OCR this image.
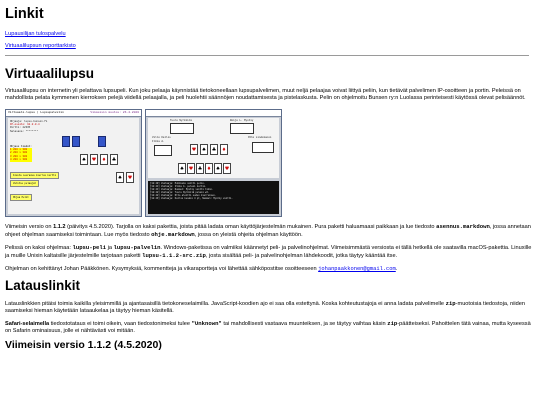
Linkit
Lupausilijan tulospalvelu
Virtuaalilupsun reporttarkisto
Virtuaalilupsu

Virtuaalilupsu on internetin yli pelattava lupsupeli. Kun joku pelaaja käynnistää tietokoneellaan lupsupalvelimen, muut neljä pelaajaa voivat liittyä peliin, kun tietävät palvelimen IP-osoitteen ja portin. Peleissä on mahdollista pelata kymmenen kierroksen pelejä viidellä pelaajalla, ja peli huolehtii säännöjen noudattamisesta ja pistelaskusta. Pelin on ohjelmoitu Bunsen ry:n Luolassa perinteisesti käytössä olevat pelisäännöt.

Virtuaali-lupsu | Lupsupalvelin	Viimeisin muutos: 26.4.2020
Ohjaaja: lupsu.bunsen.fi
IP-osoite: 10.0.0.4
Portti: 22335
Salasana: ********
Ohjaus tiedot:
1 200 x 300
2 200 x 300
3 200 x 300
4 200 x 300	♠	♥	♦	♣
♠	♥
Aloita seuraava kierros kortti
Valitse pelaajat
Ohjaa Pelit
Tuure Nyrkkilä	Reijo L. Mystiy
Ville Kallis
Ilkka A.
Otto Lindekanen
♥	♠	♣	♦
♠ ♥ ♣ ♦ ♠ ♥
[12:40] Vastaaja: Pubikeko voitti pelin.
[12:41] Vastaaja: Ilkka A. pelasi kortin.
[12:41] Vastaaja: Nommel: Mystiy voitti tikin.
[12:42] Vastaaja: Tuure Nyrkkilä pelasi ♦5.
[12:42] Vastaaja: Otto aloitti uuden kierroksen.
[12:43] Vastaaja: Kallis kesäsi 4 pt, Nommel: Mystiy voitti.

Viimeisin versio on 1.1.2 (päivitys 4.5.2020). Tarjolla on kaksi pakettia, joista pitää ladata oman käyttöjärjestelmän mukainen. Pura paketti haluamaasi paikkaan ja lue tiedosto asennus.markdown, jossa annetaan ohjeet ohjelman saamiseksi toimintaan. Lue myös tiedosto ohje.markdown, jossa on yleistä ohjeita ohjelman käyttöön.

Pelissä on kaksi ohjelmaa: lupsu-peli ja lupsu-palvelin. Windows-paketissa on valmiiksi käännetyt peli- ja palvelinohjelmat. Viimeisimmästä versiosta ei tällä hetkellä ole saatavilla macOS-pakettia. Linuxille ja muille Unixin kaltaisille järjestelmille tarjotaan paketti lupsu-1.1.2-src.zip, josta sisältää peli- ja palvelinohjelman lähdekoodit, jotka täytyy kääntää itse.

Ohjelman on kehittänyt Johan Pääkkönen. Kysymyksiä, kommentteja ja vikaraportteja voi lähettää sähköpostitse osoitteeseen johanpaakkonen@gmail.com.

Latauslinkit

Latauslinkkien pitäisi toimia kaikilla yleisimmillä ja ajantasaisillä tietokoneselaimilla. JavaScript-koodien ajo ei saa olla estettynä. Koska kohteutustajoja ei anna ladata palvelimelle zip-muotoisia tiedostoja, niiden saamiseksi hieman käytetään lataaukelaa ja täytyy hieman käsitellä.

Safari-selaimella tiedostotataus ei toimi oikein, vaan tiedostonimeksi tulee "Unknown" tai mahdollisesti vastaava muunteiksen, ja se täytyy vaihtaa käsin zip-päätteiseksi. Pahoittelen tätä vainaa, mutta kyseessä on Safarin ominaisuus, jolle ei nähtävästi voi mitään.

Viimeisin versio 1.1.2 (4.5.2020)
